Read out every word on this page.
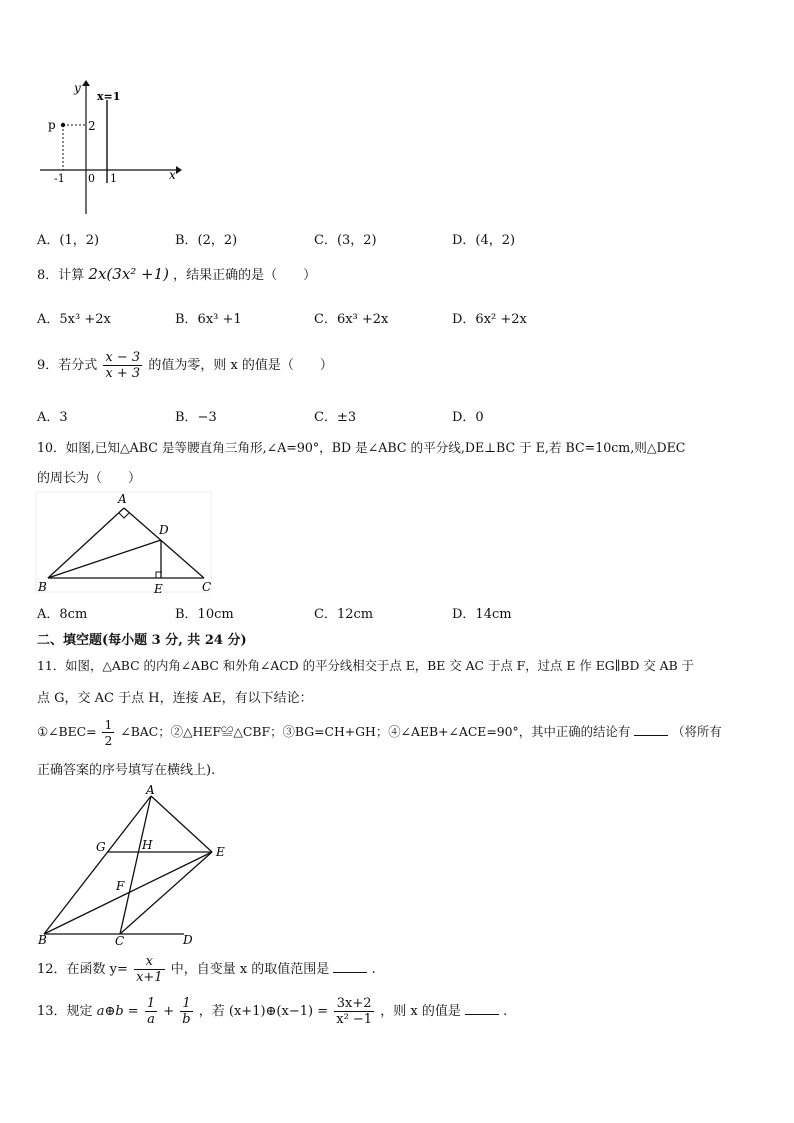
y
x
x=1
p	2
-1 0 1
A．(1，2)	B．(2，2)	C．(3，2)	D．(4，2)
8．计算 2x(3x² +1) ，结果正确的是（　　）
A．5x³ +2x	B．6x³ +1	C．6x³ +2x	D．6x² +2x
9．若分式 $\frac{x - 3}{x + 3}$ 的值为零，则 x 的值是（　　）
A．3	B．−3	C．±3	D．0
10．如图,已知△ABC 是等腰直角三角形,∠A=90°，BD 是∠ABC 的平分线,DE⊥BC 于 E,若 BC=10cm,则△DEC
的周长为（　　）
A
B	C
D
E
A．8cm	B．10cm	C．12cm	D．14cm
二、填空题(每小题 3 分, 共 24 分)
11．如图，△ABC 的内角∠ABC 和外角∠ACD 的平分线相交于点 E，BE 交 AC 于点 F，过点 E 作 EG∥BD 交 AB 于
点 G，交 AC 于点 H，连接 AE，有以下结论：
①∠BEC= $\frac{1}{2}$ ∠BAC；②△HEF≌△CBF；③BG=CH+GH；④∠AEB+∠ACE=90°，其中正确的结论有	（将所有
正确答案的序号填写在横线上).
A
B	C	D
E
F
G	H
12．在函数 $y= \frac{x}{x+1}$ 中，自变量 x 的取值范围是	.
13．规定 a⊕b = $\frac{1}{a} + \frac{1}{b}$ ，若 (x+1)⊕(x−1) = $\frac{3x+2}{\text{x² −1}}$ ，则 x 的值是	.
